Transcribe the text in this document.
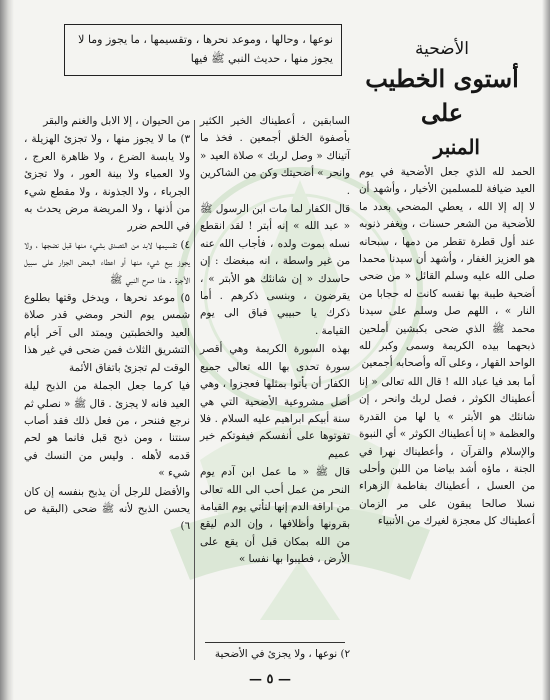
نوعها ، وحالها ، وموعد نحرها ، وتقسيمها ، ما يجوز وما لا يجوز منها ، حديث النبي ﷺ فيها	الأضحية
أستوى الخطيب على
المنبر

الحمد لله الذي جعل الأضحية في يوم العيد ضيافة للمسلمين الأخيار ، وأشهد أن لا إله إلا الله ، يعطي المضحي بعدد ما للأضحية من الشعر حسنات ، ويغفر ذنوبه عند أول قطرة تقطر من دمها ، سبحانه هو العزيز الغفار ، وأشهد أن سيدنا محمدا صلى الله عليه وسلم القائل « من ضحى أضحية طيبة بها نفسه كانت له حجابا من النار » ، اللهم صل وسلم على سيدنا محمد ﷺ الذي ضحى بكبشين أملحين ذبحهما بيده الكريمة وسمى وكبر لله الواحد القهار ، وعلى آله وأصحابه أجمعين

أما بعد فيا عباد الله ! قال الله تعالى « إنا أعطيناك الكوثر ، فصل لربك وانحر ، إن شانئك هو الأبتر » يا لها من القدرة والعظمة « إنا أعطيناك الكوثر » أي النبوة والإسلام والقرآن ، وأعطيناك نهرا في الجنة ، ماؤه أشد بياضا من اللبن وأحلى من العسل ، أعطيناك بفاطمة الزهراء نسلا صالحا يبقون على مر الزمان أعطيناك كل معجزة لغيرك من الأنبياء

السابقين ، أعطيناك الخير الكثير بأصفوة الخلق أجمعين . فخذ ما آتيناك « وصل لربك » صلاة العيد « وانحر » أضحيتك وكن من الشاكرين .

قال الكفار لما مات ابن الرسول ﷺ « عبد الله » إنه أبتر ! لقد انقطع نسله بموت ولده ، فأجاب الله عنه من غير واسطة ، انه مبغضك : إن حاسدك « إن شانئك هو الأبتر » ، يقرضون ، وبنسى ذكرهم . أما ذكرك يا حبيبي فباق الى يوم القيامة .

بهذه السورة الكريمة وهي أقصر سورة تحدى بها الله تعالى جميع الكفار أن يأتوا بمثلها فعجزوا ، وهي أصل مشروعية الأضحية التي هي سنة أبيكم ابراهيم عليه السلام . فلا تفوتوها على أنفسكم فيفوتكم خير عميم

قال ﷺ « ما عمل ابن آدم يوم النحر من عمل أحب الى الله تعالى من اراقة الدم إنها لتأتي يوم القيامة بقرونها وأظلافها ، وإن الدم ليقع من الله بمكان قبل أن يقع على الأرض ، فطيبوا بها نفسا »

من الحيوان ، إلا الابل والغنم والبقر

٣) ما لا يجوز منها ، ولا تجزئ الهزيلة ، ولا يابسة الضرع ، ولا ظاهرة العرج ، ولا العمياء ولا بينة العور ، ولا تجزئ الجرباء ، ولا الجذونة ، ولا مقطع شيء من أذنها ، ولا المريضة مرض يحدث به في اللحم ضرر

٤) تقسيمها لابد من التصدق بشيء منها قبل نضجها ، ولا يجوز بيع شيء منها أو اعطاء البعض الجزار على سبيل الأجرة . هذا صرح النبي ﷺ

٥) موعد نحرها ، ويدخل وقتها بطلوع شمس يوم النحر ومضي قدر صلاة العيد والخطبتين ويمتد الى آخر أيام التشريق الثلاث فمن ضحى في غير هذا الوقت لم تجزئ باتفاق الأئمة

فيا كرما جعل الجملة من الذبح ليلة العيد فانه لا يجزئ . قال ﷺ « نصلي ثم نرجع فننحر ، من فعل ذلك فقد أصاب سنتنا ، ومن ذبح قبل فانما هو لحم قدمه لأهله . وليس من النسك في شيء »

والأفضل للرجل أن يذبح بنفسه إن كان يحسن الذبح لأنه ﷺ ضحى (البقية ص ٦)

٢) نوعها ، ولا يجزئ في الأضحية
— ٥ —
